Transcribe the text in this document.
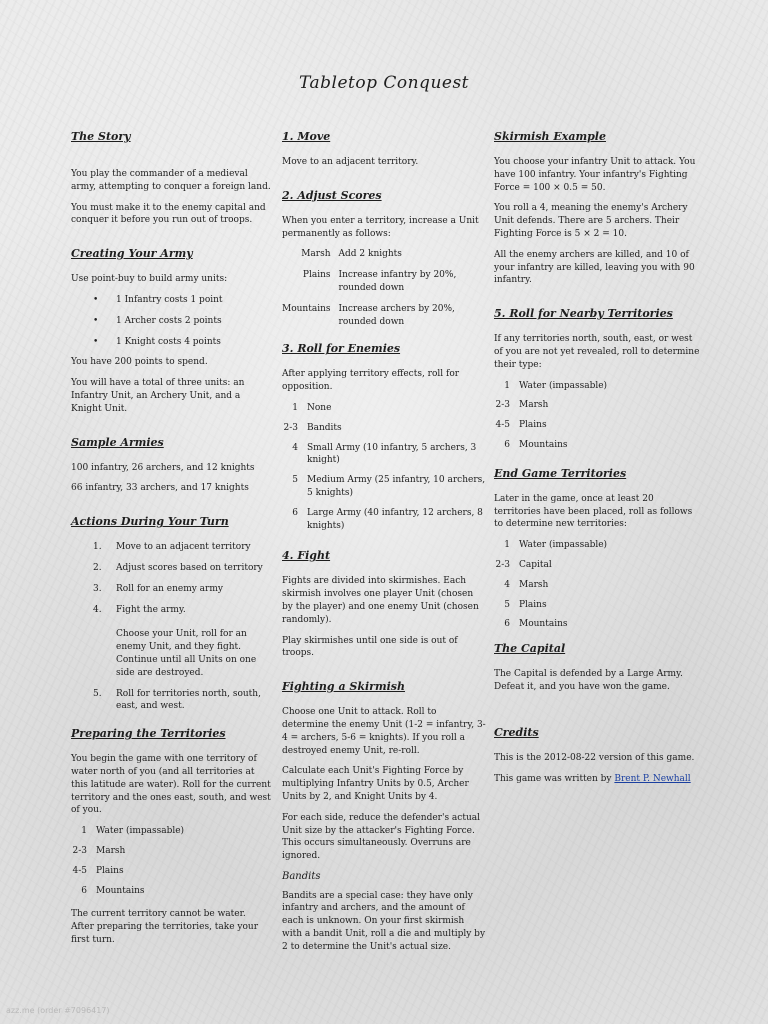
Tabletop Conquest
The Story

You play the commander of a medieval army, attempting to conquer a foreign land.

You must make it to the enemy capital and conquer it before you run out of troops.

Creating Your Army

Use point-buy to build army units:

• 1 Infantry costs 1 point
• 1 Archer costs 2 points
• 1 Knight costs 4 points

You have 200 points to spend.

You will have a total of three units: an Infantry Unit, an Archery Unit, and a Knight Unit.

Sample Armies

100 infantry, 26 archers, and 12 knights

66 infantry, 33 archers, and 17 knights

Actions During Your Turn
1. Move to an adjacent territory
2. Adjust scores based on territory
3. Roll for an enemy army
4. Fight the army.
Choose your Unit, roll for an enemy Unit, and they fight. Continue until all Units on one side are destroyed.
5. Roll for territories north, south, east, and west.
Preparing the Territories

You begin the game with one territory of water north of you (and all territories at this latitude are water). Roll for the current territory and the ones east, south, and west of you.

1	Water (impassable)
2-3	Marsh
4-5	Plains
6	Mountains

The current territory cannot be water. After preparing the territories, take your first turn.

1. Move

Move to an adjacent territory.

2. Adjust Scores

When you enter a territory, increase a Unit permanently as follows:

Marsh	Add 2 knights
Plains	Increase infantry by 20%, rounded down
Mountains	Increase archers by 20%, rounded down
3. Roll for Enemies

After applying territory effects, roll for opposition.

1	None
2-3	Bandits
4	Small Army (10 infantry, 5 archers, 3 knight)
5	Medium Army (25 infantry, 10 archers, 5 knights)
6	Large Army (40 infantry, 12 archers, 8 knights)
4. Fight

Fights are divided into skirmishes. Each skirmish involves one player Unit (chosen by the player) and one enemy Unit (chosen randomly).

Play skirmishes until one side is out of troops.

Fighting a Skirmish

Choose one Unit to attack. Roll to determine the enemy Unit (1-2 = infantry, 3-4 = archers, 5-6 = knights). If you roll a destroyed enemy Unit, re-roll.

Calculate each Unit's Fighting Force by multiplying Infantry Units by 0.5, Archer Units by 2, and Knight Units by 4.

For each side, reduce the defender's actual Unit size by the attacker's Fighting Force. This occurs simultaneously. Overruns are ignored.

Bandits

Bandits are a special case: they have only infantry and archers, and the amount of each is unknown. On your first skirmish with a bandit Unit, roll a die and multiply by 2 to determine the Unit's actual size.

Skirmish Example

You choose your infantry Unit to attack. You have 100 infantry. Your infantry's Fighting Force = 100 × 0.5 = 50.

You roll a 4, meaning the enemy's Archery Unit defends. There are 5 archers. Their Fighting Force is 5 × 2 = 10.

All the enemy archers are killed, and 10 of your infantry are killed, leaving you with 90 infantry.

5. Roll for Nearby Territories

If any territories north, south, east, or west of you are not yet revealed, roll to determine their type:

1	Water (impassable)
2-3	Marsh
4-5	Plains
6	Mountains
End Game Territories

Later in the game, once at least 20 territories have been placed, roll as follows to determine new territories:

1	Water (impassable)
2-3	Capital
4	Marsh
5	Plains
6	Mountains
The Capital

The Capital is defended by a Large Army. Defeat it, and you have won the game.

Credits

This is the 2012-08-22 version of this game.

This game was written by Brent P. Newhall

azz.me (order #7096417)
